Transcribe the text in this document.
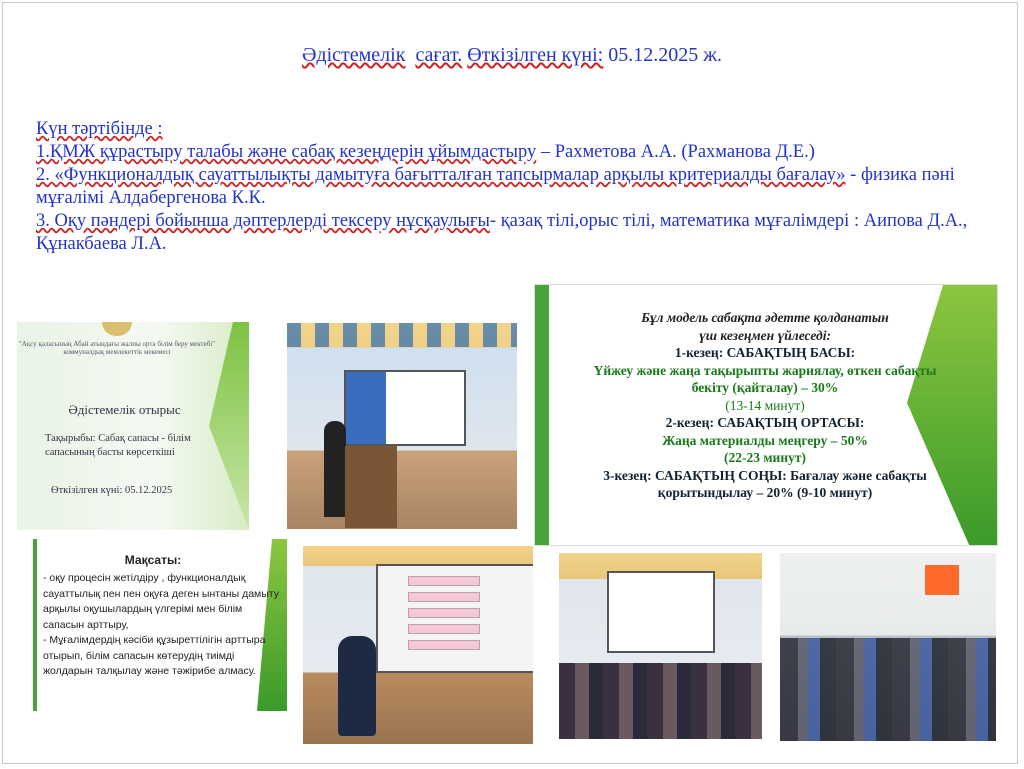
Әдістемелік сағат. Өткізілген күні: 05.12.2025 ж.
Күн тәртібінде :
1.ҚМЖ құрастыру талабы және сабақ кезеңдерін ұйымдастыру – Рахметова А.А. (Рахманова Д.Е.)
2. «Функционалдық сауаттылықты дамытуға бағытталған тапсырмалар арқылы критериалды бағалау» - физика пәні мұғалімі Алдабергенова К.К.
3. Оқу пәндері бойынша дәптерлерді тексеру нұсқаулығы- қазақ тілі,орыс тілі, математика мұғалімдері : Аипова Д.А., Құнакбаева Л.А.
"Ақсу қаласының Абай атындағы жалпы орта білім беру мектебі" коммуналдық мемлекеттік мекемесі
Әдістемелік отырыс
Тақырыбы: Сабақ сапасы - білім сапасының басты көрсеткіші
Өткізілген күні: 05.12.2025
Бұл модель сабақта әдетте қолданатын
үш кезеңмен үйлеседі:
1-кезең: САБАҚТЫҢ БАСЫ:
Үйжеу және жаңа тақырыпты жариялау, өткен сабақты бекіту (қайталау) – 30%
(13-14 минут)
2-кезең: САБАҚТЫҢ ОРТАСЫ:
Жаңа материалды меңгеру – 50%
(22-23 минут)
3-кезең: САБАҚТЫҢ СОҢЫ: Бағалау және сабақты қорытындылау – 20% (9-10 минут)
Мақсаты:
- оқу процесін жетілдіру , функционалдық сауаттылық пен пен оқуға деген ынтаны дамыту арқылы оқушылардың үлгерімі мен білім сапасын арттыру,
- Мұғалімдердің кәсіби құзыреттілігін арттыра отырып, білім сапасын көтерудің тиімді жолдарын талқылау және тәжірибе алмасу.
